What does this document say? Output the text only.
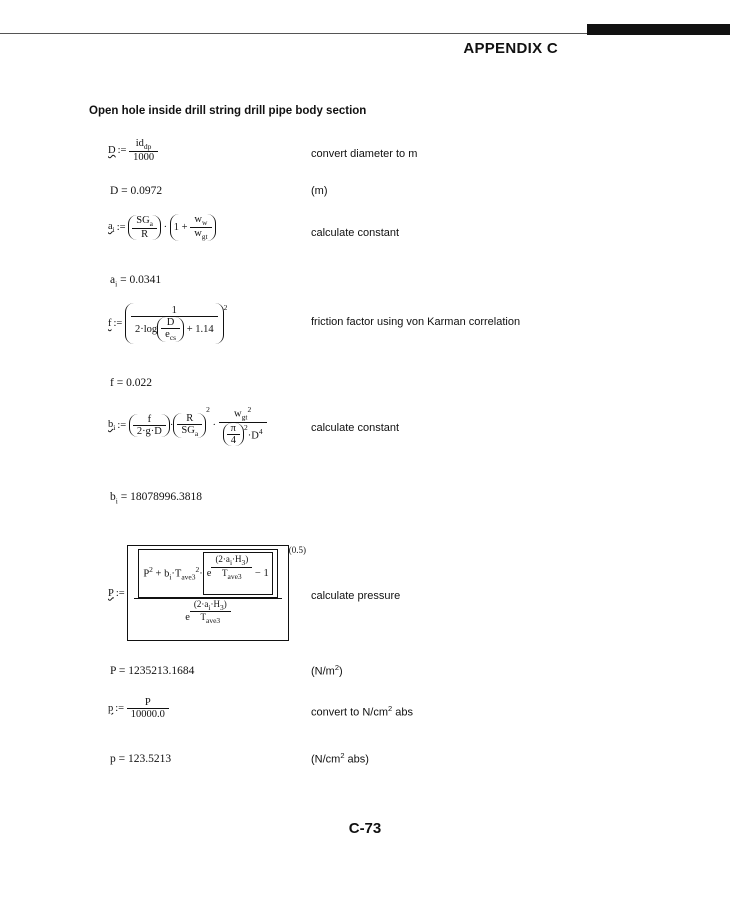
APPENDIX C
Open hole inside drill string drill pipe body section
D := $\frac{id_{dp}}{1000}$	convert diameter to m
D = 0.0972	(m)
$a_i$ := $\frac{SG_a}{R} \cdot 1 + \frac{w_w}{w_{gt}}$	calculate constant
$a_i = 0.0341$
f := $\frac{1}{2\cdot\log \frac{D}{e_{cs}} + 1.14} ^2$
friction factor using von Karman correlation
f = 0.022
$b_i$ := $\frac{f}{2\cdot g\cdot D} \cdot \frac{R}{SG_a}$
$^2$
· $w_{gt}^2$
$\frac{\pi}{4} ^2$
$\cdot D^4$	calculate constant
$b_i = 18078996.3818$
P := $\frac{P^2 + b_i\cdot T_{ave3}^2\cdot e \frac{(2\cdot a_i\cdot H_3)}{T_{ave3}} - 1}{e \frac{(2\cdot a_i\cdot H_3)}{T_{ave3}}} (0.5)$
calculate pressure
P = 1235213.1684	$(N/m^2)$
p := $\frac{P}{10000.0}$	convert to $N/cm^2$ abs
p = 123.5213	($N/cm^2$ abs)
C-73
